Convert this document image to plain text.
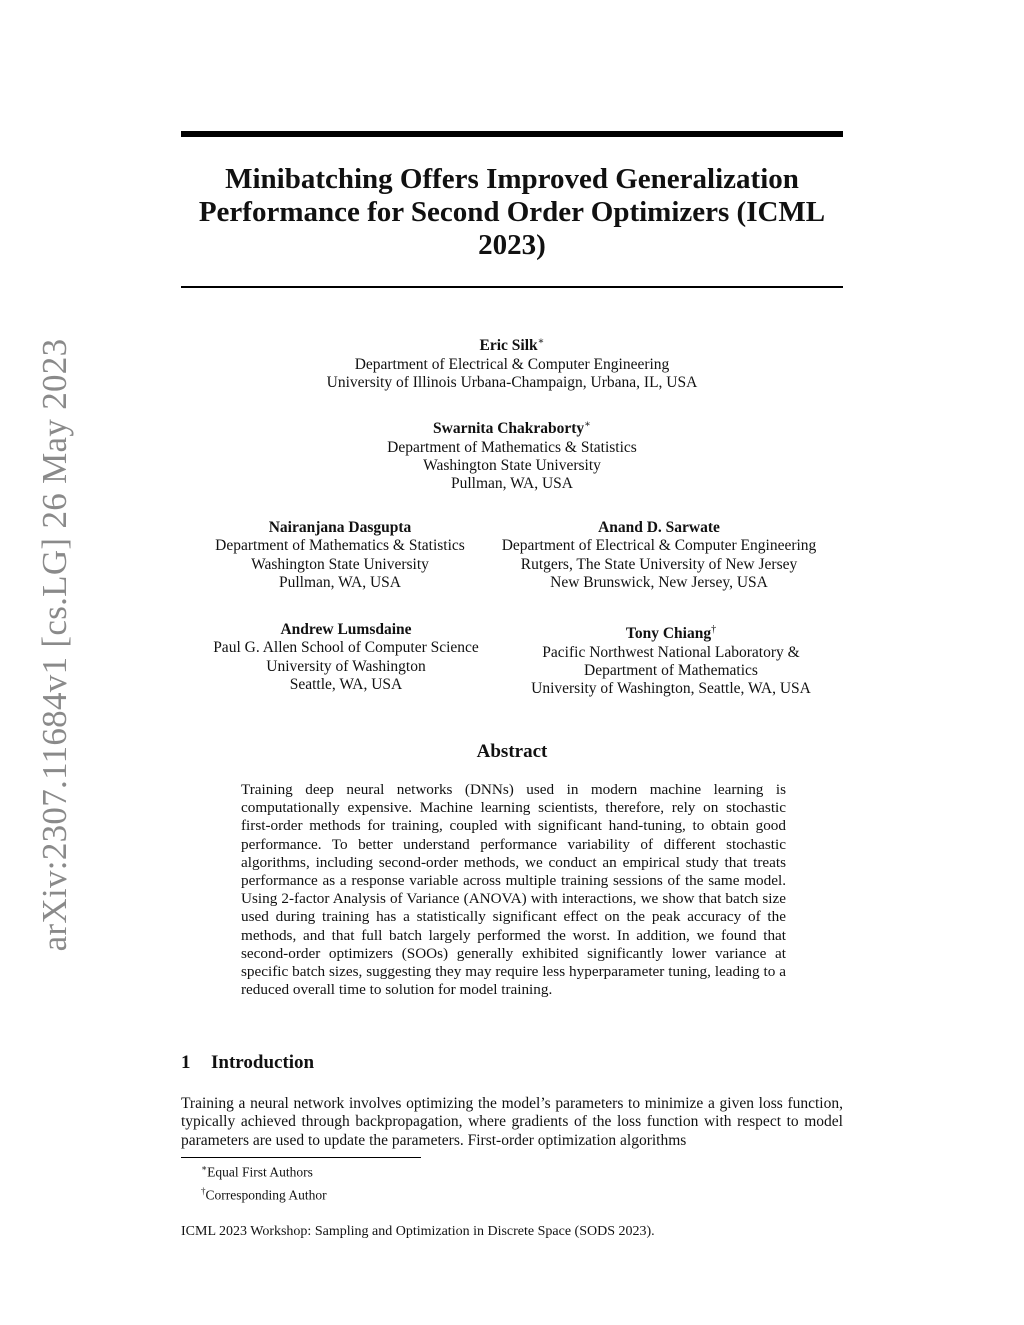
arXiv:2307.11684v1 [cs.LG] 26 May 2023
Minibatching Offers Improved Generalization Performance for Second Order Optimizers (ICML 2023)
Eric Silk∗
Department of Electrical & Computer Engineering
University of Illinois Urbana-Champaign, Urbana, IL, USA
Swarnita Chakraborty∗
Department of Mathematics & Statistics
Washington State University
Pullman, WA, USA
Nairanjana Dasgupta
Department of Mathematics & Statistics
Washington State University
Pullman, WA, USA
Anand D. Sarwate
Department of Electrical & Computer Engineering
Rutgers, The State University of New Jersey
New Brunswick, New Jersey, USA
Andrew Lumsdaine
Paul G. Allen School of Computer Science
University of Washington
Seattle, WA, USA
Tony Chiang†
Pacific Northwest National Laboratory &
Department of Mathematics
University of Washington, Seattle, WA, USA
Abstract
Training deep neural networks (DNNs) used in modern machine learning is computationally expensive. Machine learning scientists, therefore, rely on stochastic first-order methods for training, coupled with significant hand-tuning, to obtain good performance. To better understand performance variability of different stochastic algorithms, including second-order methods, we conduct an empirical study that treats performance as a response variable across multiple training sessions of the same model. Using 2-factor Analysis of Variance (ANOVA) with interactions, we show that batch size used during training has a statistically significant effect on the peak accuracy of the methods, and that full batch largely performed the worst. In addition, we found that second-order optimizers (SOOs) generally exhibited significantly lower variance at specific batch sizes, suggesting they may require less hyperparameter tuning, leading to a reduced overall time to solution for model training.
1 Introduction
Training a neural network involves optimizing the model’s parameters to minimize a given loss function, typically achieved through backpropagation, where gradients of the loss function with respect to model parameters are used to update the parameters. First-order optimization algorithms
∗Equal First Authors
†Corresponding Author
ICML 2023 Workshop: Sampling and Optimization in Discrete Space (SODS 2023).
